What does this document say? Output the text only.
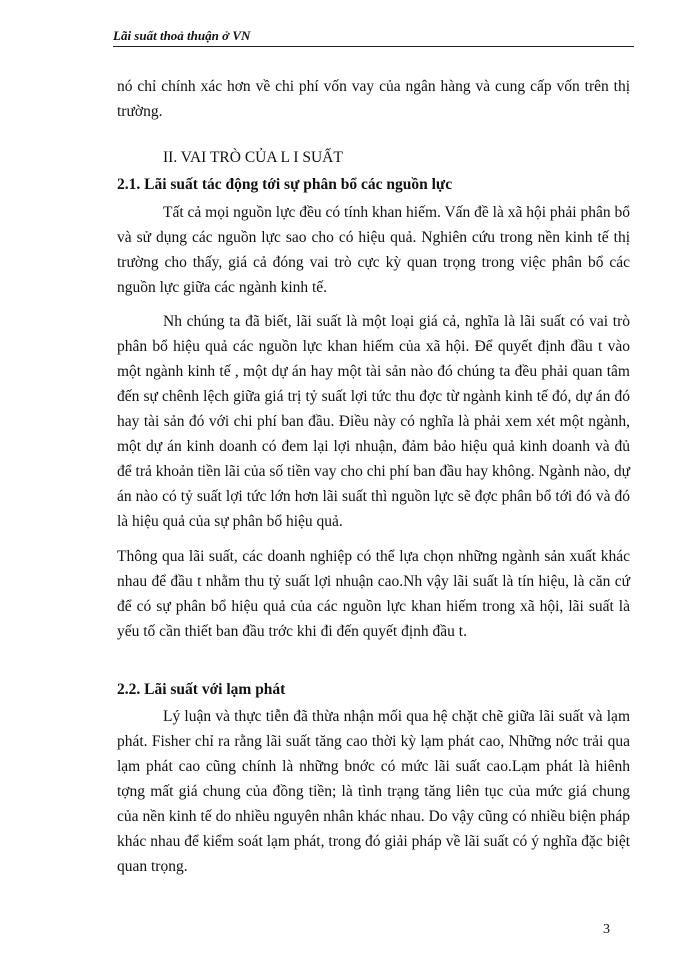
Lãi suất thoả thuận ở VN

nó chỉ chính xác hơn về chi phí vốn vay của ngân hàng và cung cấp vốn trên thị trường.

II. VAI TRÒ CỦA L I SUẤT
2.1. Lãi suất tác động tới sự phân bổ các nguồn lực

Tất cả mọi nguồn lực đều có tính khan hiếm. Vấn đề là xã hội phải phân bổ và sử dụng các nguồn lực sao cho có hiệu quả. Nghiên cứu trong nền kinh tế thị trường cho thấy, giá cả đóng vai trò cực kỳ quan trọng trong việc phân bổ các nguồn lực giữa các ngành kinh tế.

Nh chúng ta đã biết, lãi suất là một loại giá cả, nghĩa là lãi suất có vai trò phân bổ hiệu quả các nguồn lực khan hiếm của xã hội. Để quyết định đầu t vào một ngành kinh tế , một dự án hay một tài sản nào đó chúng ta đều phải quan tâm đến sự chênh lệch giữa giá trị tỷ suất lợi tức thu đợc từ ngành kinh tế đó, dự án đó hay tài sản đó với chi phí ban đầu. Điều này có nghĩa là phải xem xét một ngành, một dự án kinh doanh có đem lại lợi nhuận, đảm bảo hiệu quả kinh doanh và đủ để trả khoản tiền lãi của số tiền vay cho chi phí ban đầu hay không. Ngành nào, dự án nào có tỷ suất lợi tức lớn hơn lãi suất thì nguồn lực sẽ đợc phân bổ tới đó và đó là hiệu quả của sự phân bổ hiệu quả.

Thông qua lãi suất, các doanh nghiệp có thể lựa chọn những ngành sản xuất khác nhau để đầu t nhằm thu tỷ suất lợi nhuận cao.Nh vậy lãi suất là tín hiệu, là căn cứ để có sự phân bổ hiệu quả của các nguồn lực khan hiếm trong xã hội, lãi suất là yếu tố cần thiết ban đầu trớc khi đi đến quyết định đầu t.

2.2. Lãi suất với lạm phát

Lý luận và thực tiễn đã thừa nhận mối qua hệ chặt chẽ giữa lãi suất và lạm phát. Fisher chỉ ra rằng lãi suất tăng cao thời kỳ lạm phát cao, Những nớc trải qua lạm phát cao cũng chính là những bnớc có mức lãi suất cao.Lạm phát là hiênh tợng mất giá chung của đồng tiền; là tình trạng tăng liên tục của mức giá chung của nền kinh tế do nhiều nguyên nhân khác nhau. Do vậy cũng có nhiều biện pháp khác nhau để kiểm soát lạm phát, trong đó giải pháp về lãi suất có ý nghĩa đặc biệt quan trọng.

3
